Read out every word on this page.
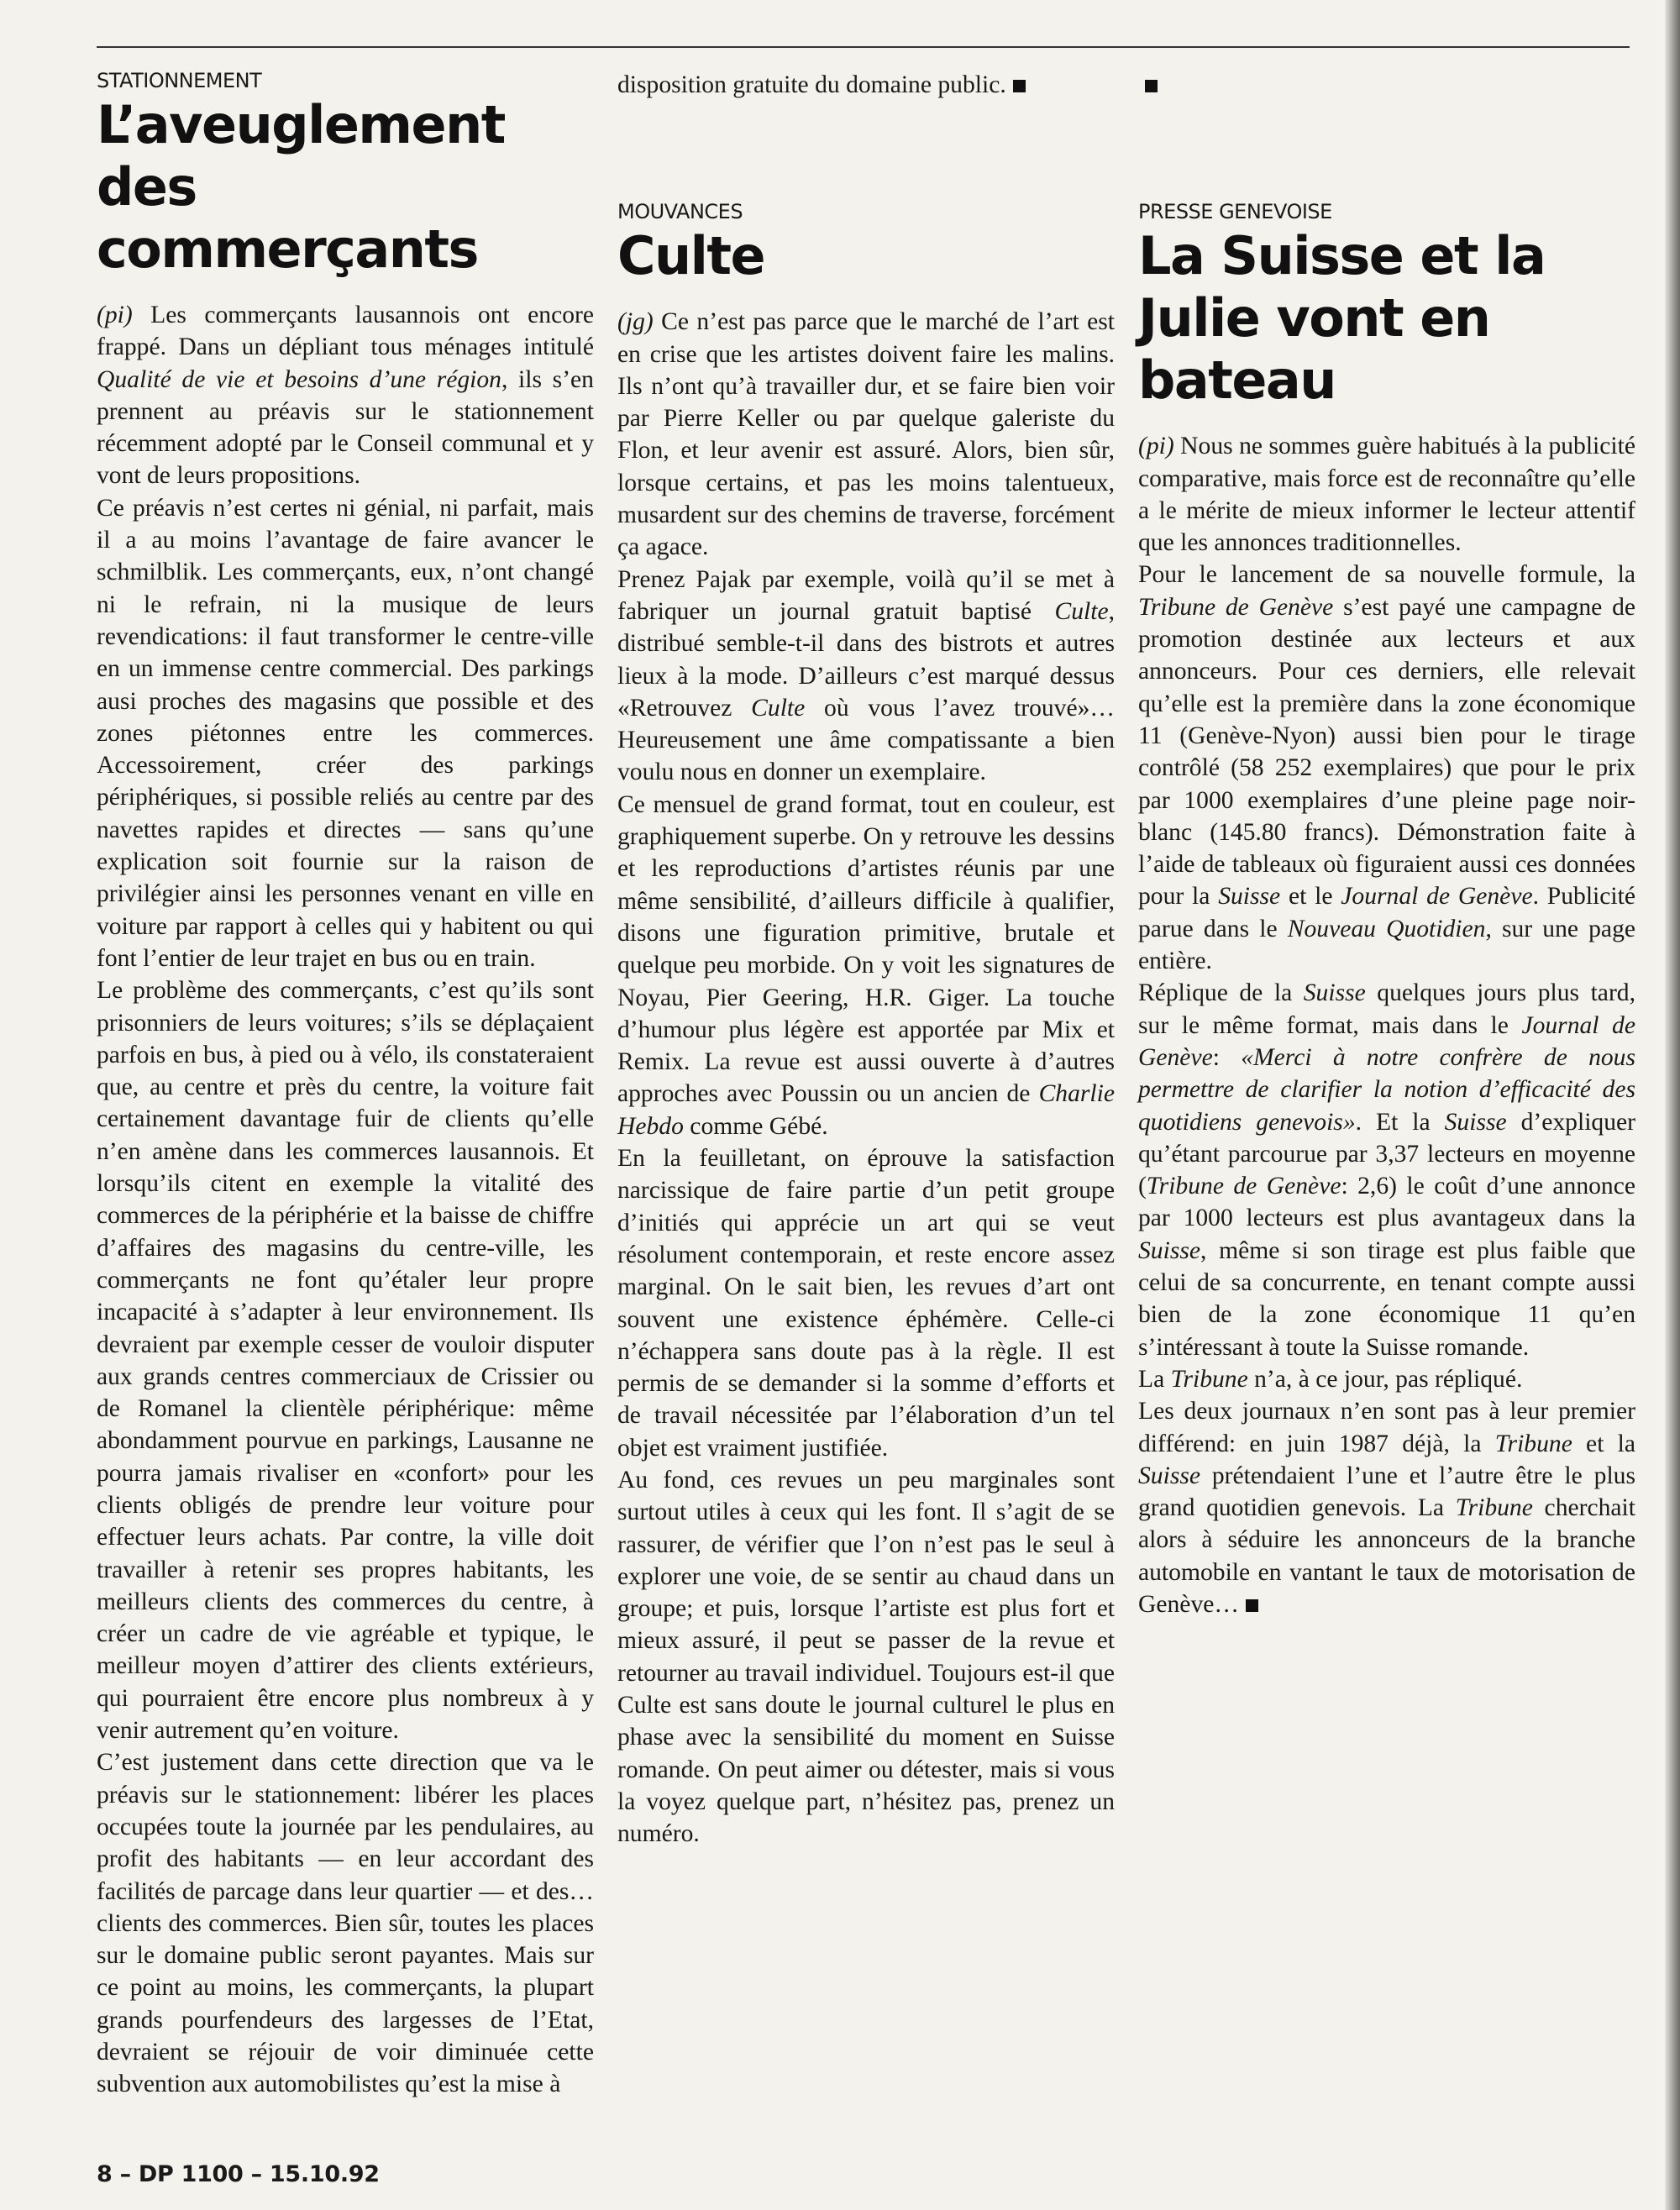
STATIONNEMENT
L’aveuglement des commerçants

(pi) Les commerçants lausannois ont encore frappé. Dans un dépliant tous ménages intitulé Qualité de vie et besoins d’une région, ils s’en prennent au préavis sur le stationnement récemment adopté par le Conseil communal et y vont de leurs propositions.

Ce préavis n’est certes ni génial, ni parfait, mais il a au moins l’avantage de faire avancer le schmilblik. Les commerçants, eux, n’ont changé ni le refrain, ni la musique de leurs revendications: il faut transformer le centre-ville en un immense centre commercial. Des parkings ausi proches des magasins que possible et des zones piétonnes entre les commerces. Accessoirement, créer des parkings périphériques, si possible reliés au centre par des navettes rapides et directes — sans qu’une explication soit fournie sur la raison de privilégier ainsi les personnes venant en ville en voiture par rapport à celles qui y habitent ou qui font l’entier de leur trajet en bus ou en train.

Le problème des commerçants, c’est qu’ils sont prisonniers de leurs voitures; s’ils se déplaçaient parfois en bus, à pied ou à vélo, ils constateraient que, au centre et près du centre, la voiture fait certainement davantage fuir de clients qu’elle n’en amène dans les commerces lausannois. Et lorsqu’ils citent en exemple la vitalité des commerces de la périphérie et la baisse de chiffre d’affaires des magasins du centre-ville, les commerçants ne font qu’étaler leur propre incapacité à s’adapter à leur environnement. Ils devraient par exemple cesser de vouloir disputer aux grands centres commerciaux de Crissier ou de Romanel la clientèle périphérique: même abondamment pourvue en parkings, Lausanne ne pourra jamais rivaliser en «confort» pour les clients obligés de prendre leur voiture pour effectuer leurs achats. Par contre, la ville doit travailler à retenir ses propres habitants, les meilleurs clients des commerces du centre, à créer un cadre de vie agréable et typique, le meilleur moyen d’attirer des clients extérieurs, qui pourraient être encore plus nombreux à y venir autrement qu’en voiture.

C’est justement dans cette direction que va le préavis sur le stationnement: libérer les places occupées toute la journée par les pendulaires, au profit des habitants — en leur accordant des facilités de parcage dans leur quartier — et des… clients des commerces. Bien sûr, toutes les places sur le domaine public seront payantes. Mais sur ce point au moins, les commerçants, la plupart grands pourfendeurs des largesses de l’Etat, devraient se réjouir de voir diminuée cette subvention aux automobilistes qu’est la mise à

disposition gratuite du domaine public.

MOUVANCES
Culte

(jg) Ce n’est pas parce que le marché de l’art est en crise que les artistes doivent faire les malins. Ils n’ont qu’à travailler dur, et se faire bien voir par Pierre Keller ou par quelque galeriste du Flon, et leur avenir est assuré. Alors, bien sûr, lorsque certains, et pas les moins talentueux, musardent sur des chemins de traverse, forcément ça agace.

Prenez Pajak par exemple, voilà qu’il se met à fabriquer un journal gratuit baptisé Culte, distribué semble-t-il dans des bistrots et autres lieux à la mode. D’ailleurs c’est marqué dessus «Retrouvez Culte où vous l’avez trouvé»… Heureusement une âme compatissante a bien voulu nous en donner un exemplaire.

Ce mensuel de grand format, tout en couleur, est graphiquement superbe. On y retrouve les dessins et les reproductions d’artistes réunis par une même sensibilité, d’ailleurs difficile à qualifier, disons une figuration primitive, brutale et quelque peu morbide. On y voit les signatures de Noyau, Pier Geering, H.R. Giger. La touche d’humour plus légère est apportée par Mix et Remix. La revue est aussi ouverte à d’autres approches avec Poussin ou un ancien de Charlie Hebdo comme Gébé.

En la feuilletant, on éprouve la satisfaction narcissique de faire partie d’un petit groupe d’initiés qui apprécie un art qui se veut résolument contemporain, et reste encore assez marginal. On le sait bien, les revues d’art ont souvent une existence éphémère. Celle-ci n’échappera sans doute pas à la règle. Il est permis de se demander si la somme d’efforts et de travail nécessitée par l’élaboration d’un tel objet est vraiment justifiée.

Au fond, ces revues un peu marginales sont surtout utiles à ceux qui les font. Il s’agit de se rassurer, de vérifier que l’on n’est pas le seul à explorer une voie, de se sentir au chaud dans un groupe; et puis, lorsque l’artiste est plus fort et mieux assuré, il peut se passer de la revue et retourner au travail individuel. Toujours est-il que Culte est sans doute le journal culturel le plus en phase avec la sensibilité du moment en Suisse romande. On peut aimer ou détester, mais si vous la voyez quelque part, n’hésitez pas, prenez un numéro.

PRESSE GENEVOISE
La Suisse et la Julie vont en bateau

(pi) Nous ne sommes guère habitués à la publicité comparative, mais force est de reconnaître qu’elle a le mérite de mieux informer le lecteur attentif que les annonces traditionnelles.

Pour le lancement de sa nouvelle formule, la Tribune de Genève s’est payé une campagne de promotion destinée aux lecteurs et aux annonceurs. Pour ces derniers, elle relevait qu’elle est la première dans la zone économique 11 (Genève-Nyon) aussi bien pour le tirage contrôlé (58 252 exemplaires) que pour le prix par 1000 exemplaires d’une pleine page noir-blanc (145.80 francs). Démonstration faite à l’aide de tableaux où figuraient aussi ces données pour la Suisse et le Journal de Genève. Publicité parue dans le Nouveau Quotidien, sur une page entière.

Réplique de la Suisse quelques jours plus tard, sur le même format, mais dans le Journal de Genève: «Merci à notre confrère de nous permettre de clarifier la notion d’efficacité des quotidiens genevois». Et la Suisse d’expliquer qu’étant parcourue par 3,37 lecteurs en moyenne (Tribune de Genève: 2,6) le coût d’une annonce par 1000 lecteurs est plus avantageux dans la Suisse, même si son tirage est plus faible que celui de sa concurrente, en tenant compte aussi bien de la zone économique 11 qu’en s’intéressant à toute la Suisse romande.

La Tribune n’a, à ce jour, pas répliqué.

Les deux journaux n’en sont pas à leur premier différend: en juin 1987 déjà, la Tribune et la Suisse prétendaient l’une et l’autre être le plus grand quotidien genevois. La Tribune cherchait alors à séduire les annonceurs de la branche automobile en vantant le taux de motorisation de Genève…

8 – DP 1100 – 15.10.92
